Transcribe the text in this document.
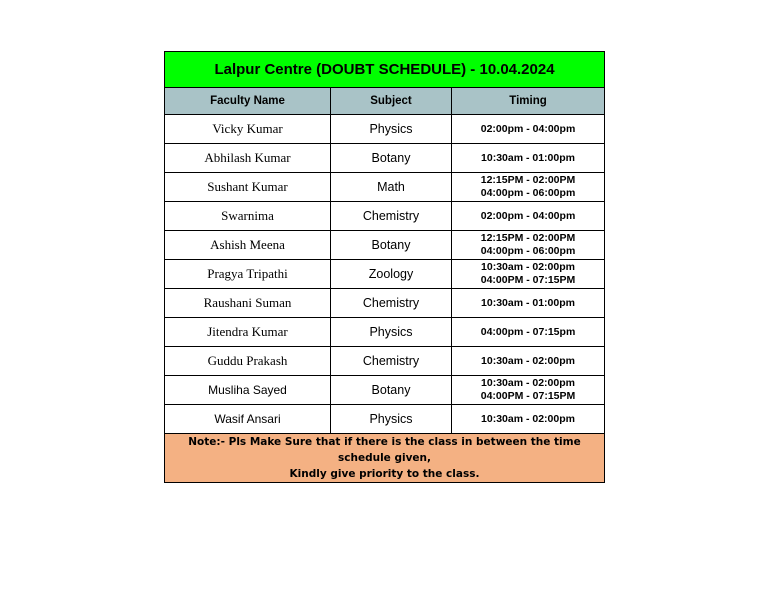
Lalpur Centre (DOUBT SCHEDULE) - 10.04.2024		
Faculty Name	Subject	Timing
Vicky Kumar	Physics	02:00pm - 04:00pm

Abhilash Kumar	Botany	10:30am - 01:00pm

Sushant Kumar	Math	12:15PM - 02:00PM
04:00pm - 06:00pm

Swarnima	Chemistry	02:00pm - 04:00pm

Ashish Meena	Botany	12:15PM - 02:00PM
04:00pm - 06:00pm

Pragya Tripathi	Zoology	10:30am - 02:00pm
04:00PM - 07:15PM

Raushani Suman	Chemistry	10:30am - 01:00pm

Jitendra Kumar	Physics	04:00pm - 07:15pm

Guddu Prakash	Chemistry	10:30am - 02:00pm

Musliha Sayed	Botany	10:30am - 02:00pm
04:00PM - 07:15PM

Wasif Ansari	Physics	10:30am - 02:00pm

Note:- Pls Make Sure that if there is the class in between the time schedule given,
Kindly give priority to the class.		
